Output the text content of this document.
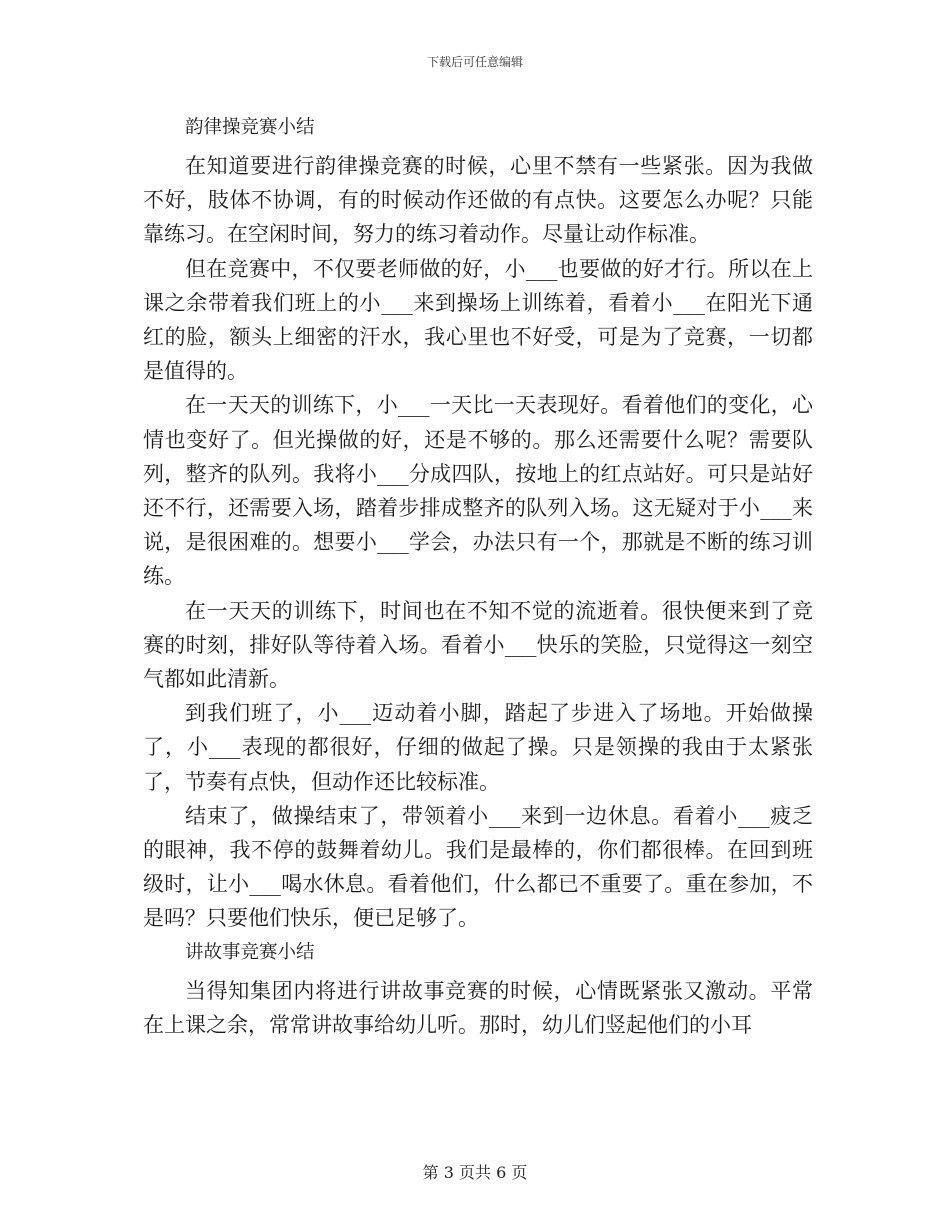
下载后可任意编辑
韵律操竞赛小结

在知道要进行韵律操竞赛的时候，心里不禁有一些紧张。因为我做不好，肢体不协调，有的时候动作还做的有点快。这要怎么办呢？只能靠练习。在空闲时间，努力的练习着动作。尽量让动作标准。

但在竞赛中，不仅要老师做的好，小___也要做的好才行。所以在上课之余带着我们班上的小___来到操场上训练着，看着小___在阳光下通红的脸，额头上细密的汗水，我心里也不好受，可是为了竞赛，一切都是值得的。

在一天天的训练下，小___一天比一天表现好。看着他们的变化，心情也变好了。但光操做的好，还是不够的。那么还需要什么呢？需要队列，整齐的队列。我将小___分成四队，按地上的红点站好。可只是站好还不行，还需要入场，踏着步排成整齐的队列入场。这无疑对于小___来说，是很困难的。想要小___学会，办法只有一个，那就是不断的练习训练。

在一天天的训练下，时间也在不知不觉的流逝着。很快便来到了竞赛的时刻，排好队等待着入场。看着小___快乐的笑脸，只觉得这一刻空气都如此清新。

到我们班了，小___迈动着小脚，踏起了步进入了场地。开始做操了，小___表现的都很好，仔细的做起了操。只是领操的我由于太紧张了，节奏有点快，但动作还比较标准。

结束了，做操结束了，带领着小___来到一边休息。看着小___疲乏的眼神，我不停的鼓舞着幼儿。我们是最棒的，你们都很棒。在回到班级时，让小___喝水休息。看着他们，什么都已不重要了。重在参加，不是吗？只要他们快乐，便已足够了。

讲故事竞赛小结

当得知集团内将进行讲故事竞赛的时候，心情既紧张又激动。平常在上课之余，常常讲故事给幼儿听。那时，幼儿们竖起他们的小耳

第 3 页共 6 页
